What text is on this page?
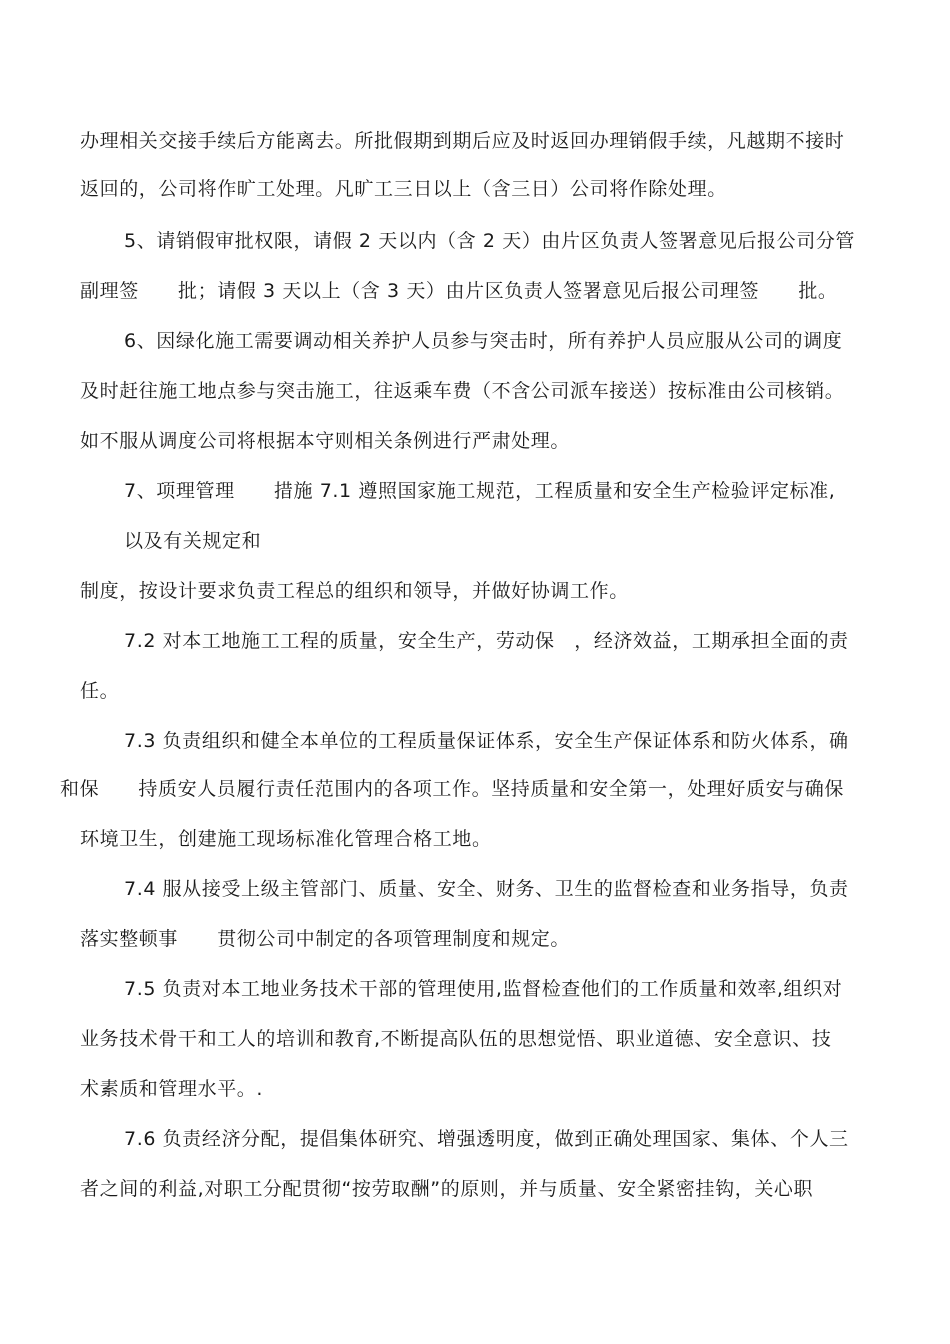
办理相关交接手续后方能离去。所批假期到期后应及时返回办理销假手续，凡越期不接时
返回的，公司将作旷工处理。凡旷工三日以上（含三日）公司将作除处理。
5、请销假审批权限，请假 2 天以内（含 2 天）由片区负责人签署意见后报公司分管
副理签　　批；请假 3 天以上（含 3 天）由片区负责人签署意见后报公司理签　　批。
6、因绿化施工需要调动相关养护人员参与突击时，所有养护人员应服从公司的调度
及时赶往施工地点参与突击施工，往返乘车费（不含公司派车接送）按标准由公司核销。
如不服从调度公司将根据本守则相关条例进行严肃处理。
7、项理管理　　措施 7.1 遵照国家施工规范，工程质量和安全生产检验评定标准,
以及有关规定和
制度，按设计要求负责工程总的组织和领导，并做好协调工作。
7.2 对本工地施工工程的质量，安全生产，劳动保　，经济效益，工期承担全面的责
任。
7.3 负责组织和健全本单位的工程质量保证体系，安全生产保证体系和防火体系，确
和保　　持质安人员履行责任范围内的各项工作。坚持质量和安全第一，处理好质安与确保
环境卫生，创建施工现场标准化管理合格工地。
7.4 服从接受上级主管部门、质量、安全、财务、卫生的监督检查和业务指导，负责
落实整顿事　　贯彻公司中制定的各项管理制度和规定。
7.5 负责对本工地业务技术干部的管理使用,监督检查他们的工作质量和效率,组织对
业务技术骨干和工人的培训和教育,不断提高队伍的思想觉悟、职业道德、安全意识、技
术素质和管理水平。.
7.6 负责经济分配，提倡集体研究、增强透明度，做到正确处理国家、集体、个人三
者之间的利益,对职工分配贯彻“按劳取酬”的原则，并与质量、安全紧密挂钩，关心职
